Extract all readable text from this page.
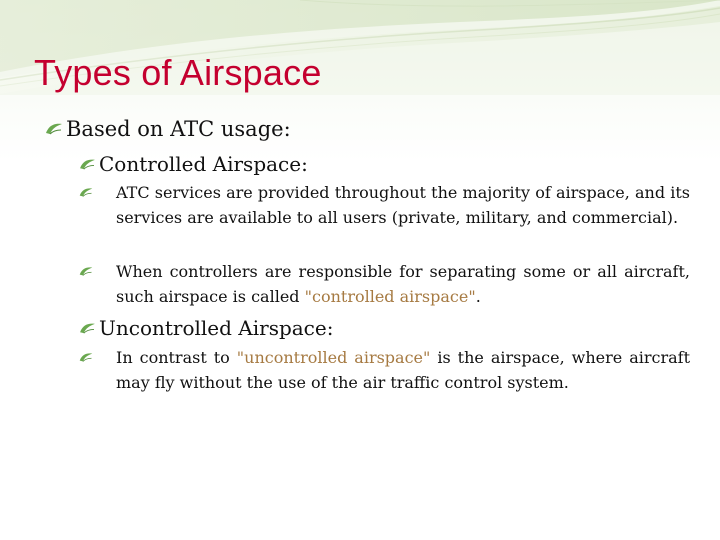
Types of Airspace
Based on ATC usage:
Controlled Airspace:
ATC services are provided throughout the majority of airspace, and its services are available to all users (private, military, and commercial).
When controllers are responsible for separating some or all aircraft, such airspace is called "controlled airspace".
Uncontrolled Airspace:
In contrast to "uncontrolled airspace" is the airspace, where aircraft may fly without the use of the air traffic control system.
